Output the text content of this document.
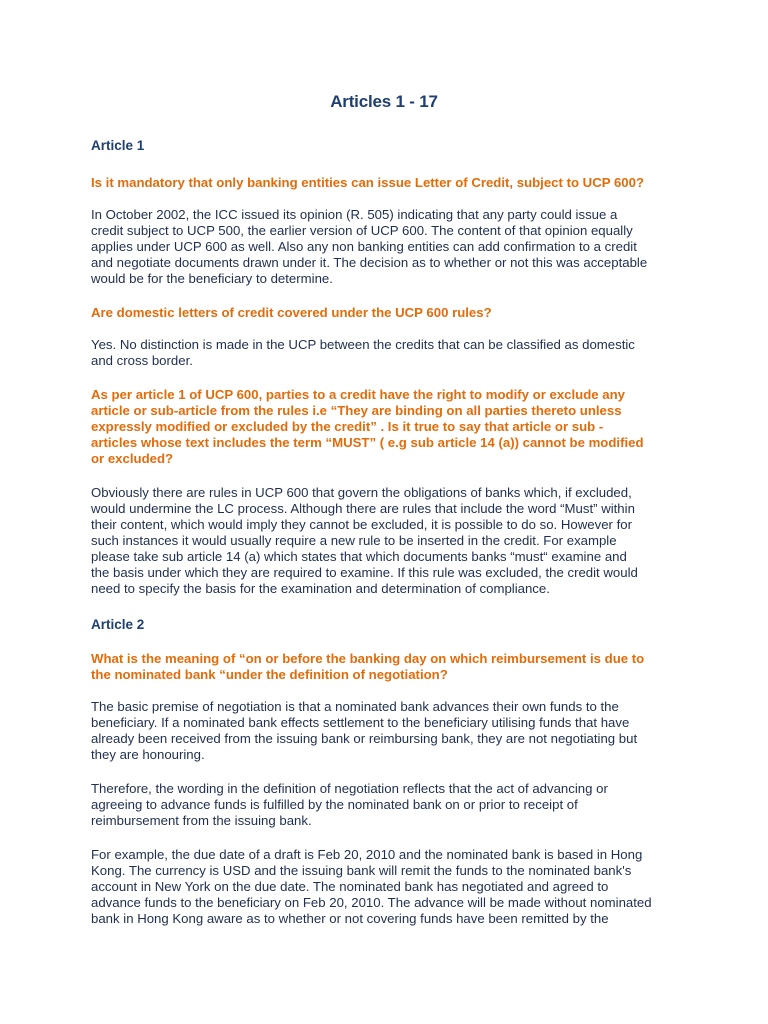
Articles 1 - 17
Article 1
Is it mandatory that only banking entities can issue Letter of Credit, subject to UCP 600?
In October 2002, the ICC issued its opinion (R. 505) indicating that any party could issue a
credit subject to UCP 500, the earlier version of UCP 600. The content of that opinion equally
applies under UCP 600 as well. Also any non banking entities can add confirmation to a credit
and negotiate documents drawn under it. The decision as to whether or not this was acceptable
would be for the beneficiary to determine.
Are domestic letters of credit covered under the UCP 600 rules?
Yes. No distinction is made in the UCP between the credits that can be classified as domestic
and cross border.
As per article 1 of UCP 600, parties to a credit have the right to modify or exclude any
article or sub-article from the rules i.e “They are binding on all parties thereto unless
expressly modified or excluded by the credit” . Is it true to say that article or sub -
articles whose text includes the term “MUST” ( e.g sub article 14 (a)) cannot be modified
or excluded?
Obviously there are rules in UCP 600 that govern the obligations of banks which, if excluded,
would undermine the LC process. Although there are rules that include the word “Must” within
their content, which would imply they cannot be excluded, it is possible to do so. However for
such instances it would usually require a new rule to be inserted in the credit. For example
please take sub article 14 (a) which states that which documents banks “must“ examine and
the basis under which they are required to examine. If this rule was excluded, the credit would
need to specify the basis for the examination and determination of compliance.
Article 2
What is the meaning of “on or before the banking day on which reimbursement is due to
the nominated bank “under the definition of negotiation?
The basic premise of negotiation is that a nominated bank advances their own funds to the
beneficiary. If a nominated bank effects settlement to the beneficiary utilising funds that have
already been received from the issuing bank or reimbursing bank, they are not negotiating but
they are honouring.
Therefore, the wording in the definition of negotiation reflects that the act of advancing or
agreeing to advance funds is fulfilled by the nominated bank on or prior to receipt of
reimbursement from the issuing bank.
For example, the due date of a draft is Feb 20, 2010 and the nominated bank is based in Hong
Kong. The currency is USD and the issuing bank will remit the funds to the nominated bank's
account in New York on the due date. The nominated bank has negotiated and agreed to
advance funds to the beneficiary on Feb 20, 2010. The advance will be made without nominated
bank in Hong Kong aware as to whether or not covering funds have been remitted by the
